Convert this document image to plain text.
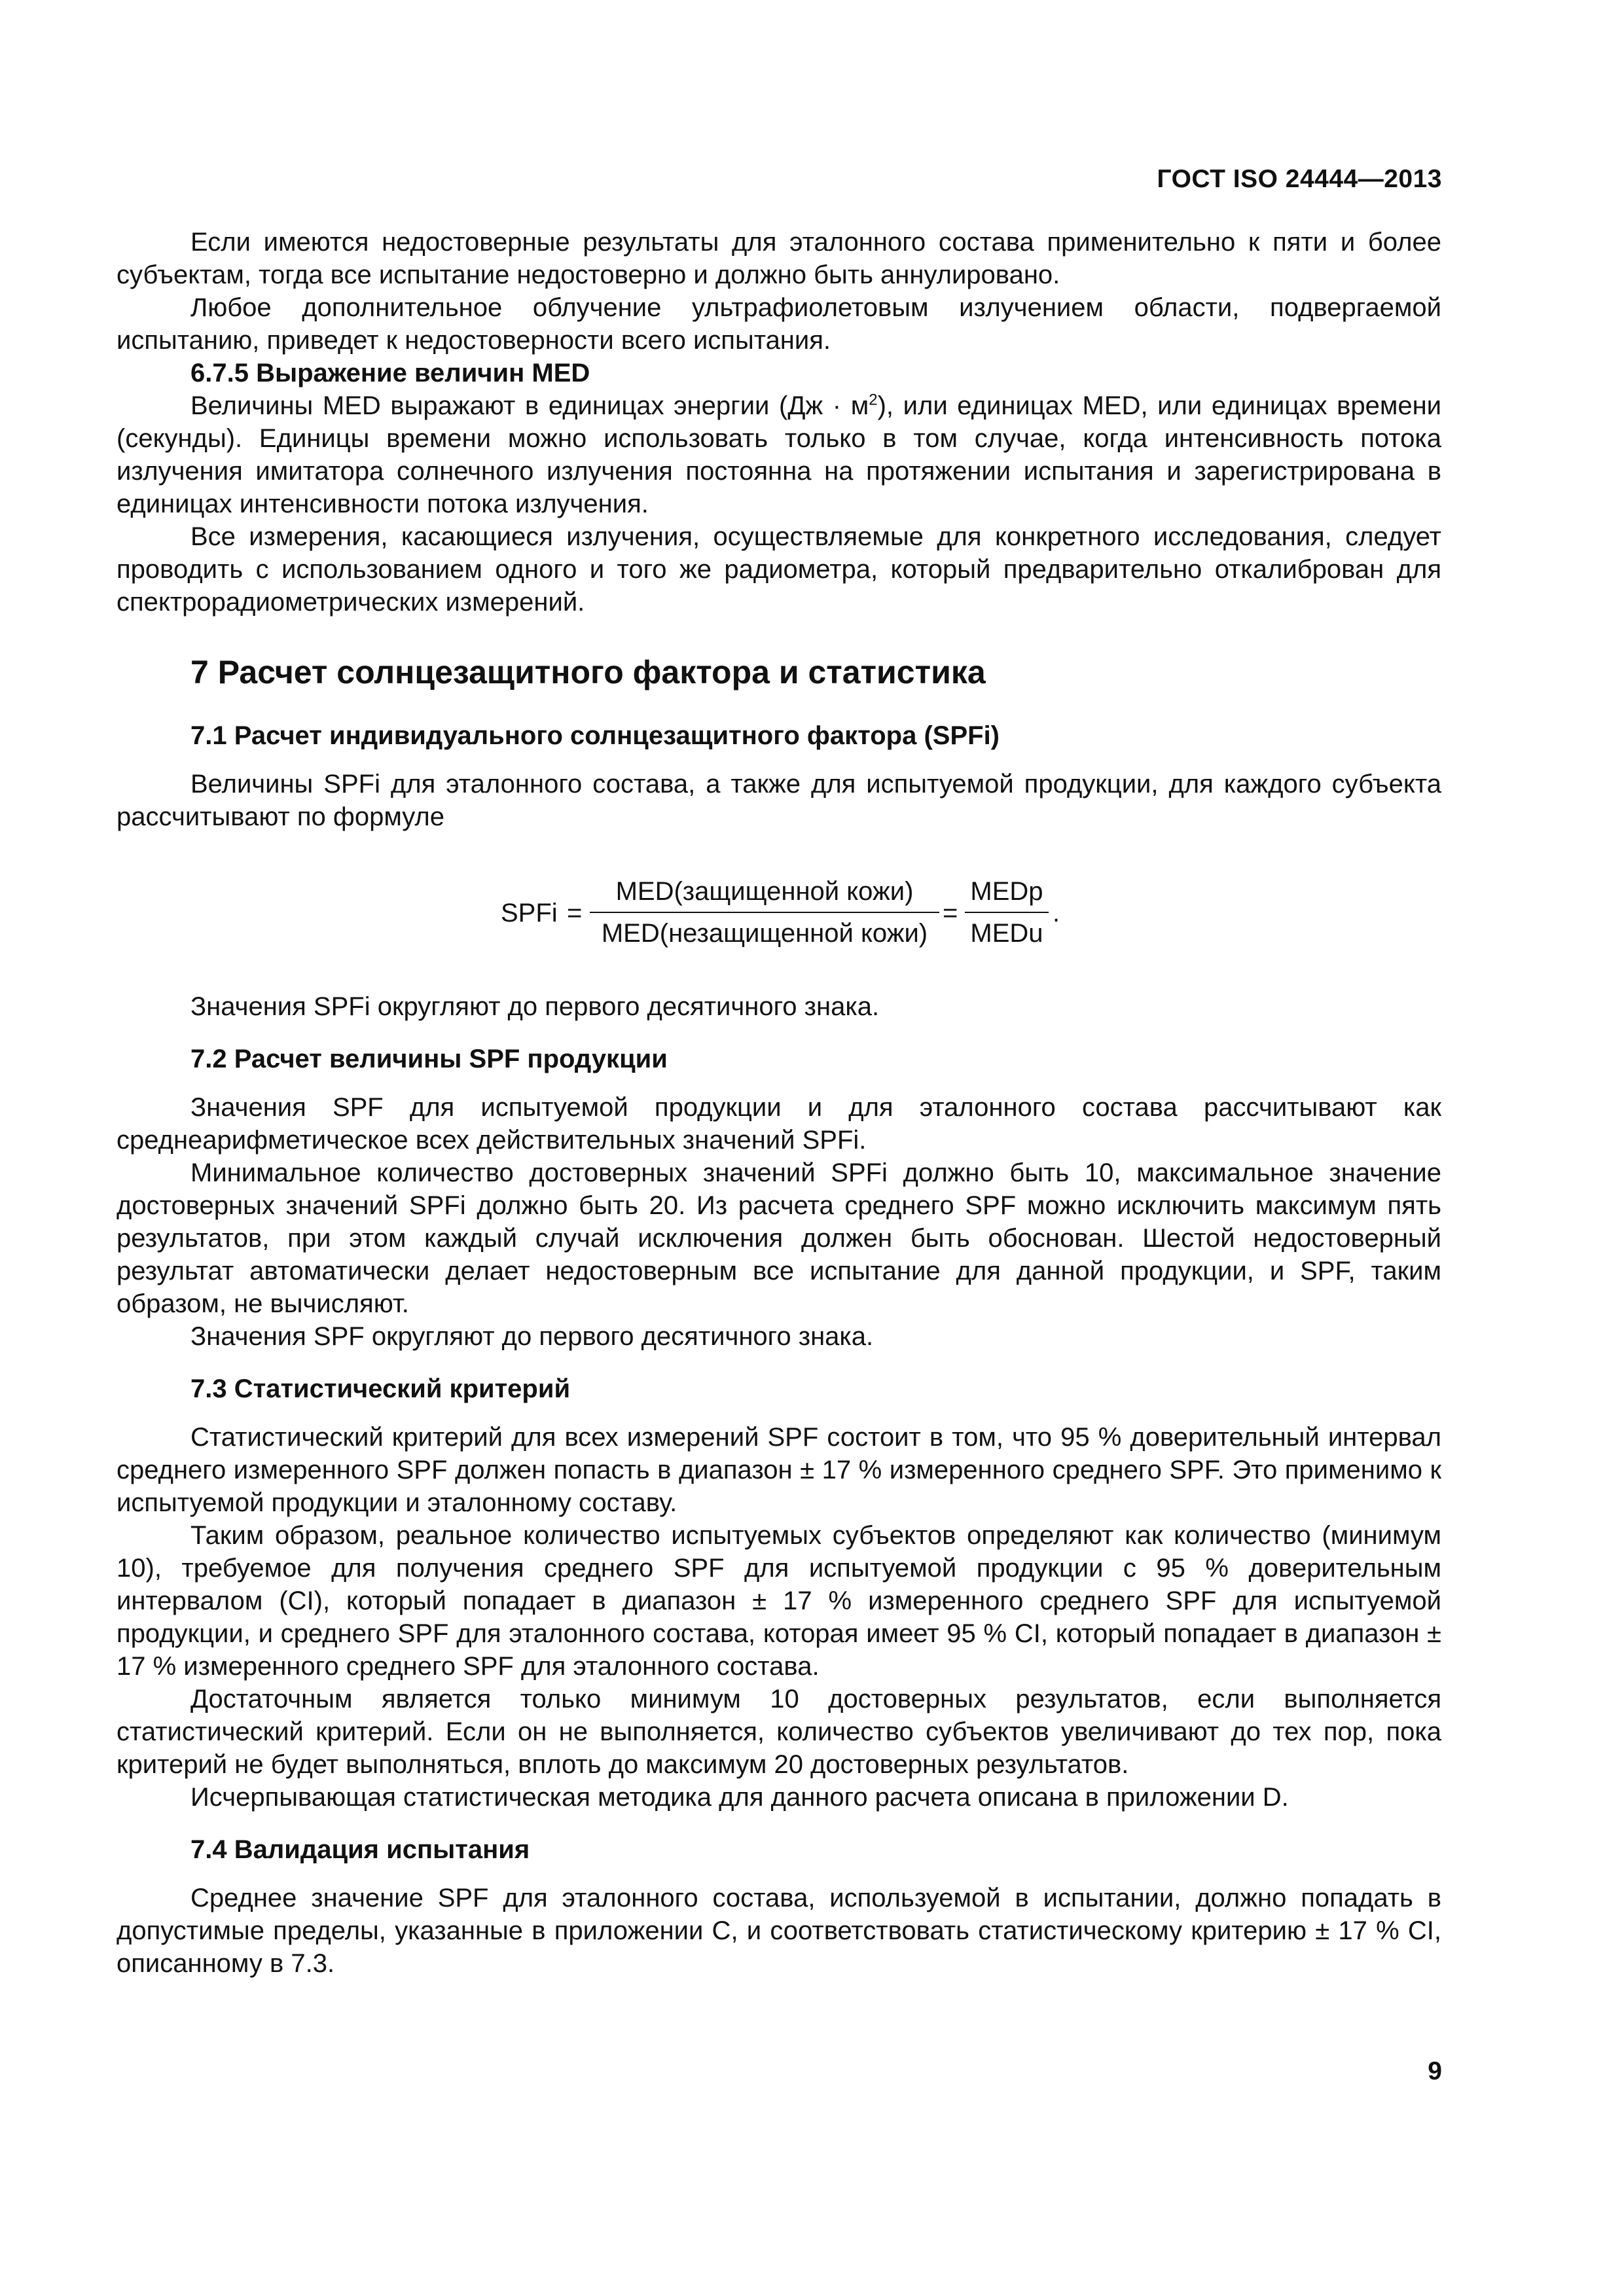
ГОСТ ISO 24444—2013

Если имеются недостоверные результаты для эталонного состава применительно к пяти и более субъектам, тогда все испытание недостоверно и должно быть аннулировано.

Любое дополнительное облучение ультрафиолетовым излучением области, подвергаемой испытанию, приведет к недостоверности всего испытания.

6.7.5 Выражение величин MED

Величины MED выражают в единицах энергии $(Дж \cdot м^2)$, или единицах MED, или единицах времени (секунды). Единицы времени можно использовать только в том случае, когда интенсивность потока излучения имитатора солнечного излучения постоянна на протяжении испытания и зарегистрирована в единицах интенсивности потока излучения.

Все измерения, касающиеся излучения, осуществляемые для конкретного исследования, следует проводить с использованием одного и того же радиометра, который предварительно откалиброван для спектрорадиометрических измерений.

7 Расчет солнцезащитного фактора и статистика
7.1 Расчет индивидуального солнцезащитного фактора (SPFi)

Величины SPFi для эталонного состава, а также для испытуемой продукции, для каждого субъекта рассчитывают по формуле

SPFi =
MED(защищенной кожи)
MED(незащищенной кожи)
=
MEDp
MEDu
.

Значения SPFi округляют до первого десятичного знака.

7.2 Расчет величины SPF продукции

Значения SPF для испытуемой продукции и для эталонного состава рассчитывают как среднеарифметическое всех действительных значений SPFi.

Минимальное количество достоверных значений SPFi должно быть 10, максимальное значение достоверных значений SPFi должно быть 20. Из расчета среднего SPF можно исключить максимум пять результатов, при этом каждый случай исключения должен быть обоснован. Шестой недостоверный результат автоматически делает недостоверным все испытание для данной продукции, и SPF, таким образом, не вычисляют.

Значения SPF округляют до первого десятичного знака.

7.3 Статистический критерий

Статистический критерий для всех измерений SPF состоит в том, что 95 % доверительный интервал среднего измеренного SPF должен попасть в диапазон ± 17 % измеренного среднего SPF. Это применимо к испытуемой продукции и эталонному составу.

Таким образом, реальное количество испытуемых субъектов определяют как количество (минимум 10), требуемое для получения среднего SPF для испытуемой продукции с 95 % доверительным интервалом (CI), который попадает в диапазон ± 17 % измеренного среднего SPF для испытуемой продукции, и среднего SPF для эталонного состава, которая имеет 95 % CI, который попадает в диапазон ± 17 % измеренного среднего SPF для эталонного состава.

Достаточным является только минимум 10 достоверных результатов, если выполняется статистический критерий. Если он не выполняется, количество субъектов увеличивают до тех пор, пока критерий не будет выполняться, вплоть до максимум 20 достоверных результатов.

Исчерпывающая статистическая методика для данного расчета описана в приложении D.

7.4 Валидация испытания

Среднее значение SPF для эталонного состава, используемой в испытании, должно попадать в допустимые пределы, указанные в приложении C, и соответствовать статистическому критерию ± 17 % CI, описанному в 7.3.

9
